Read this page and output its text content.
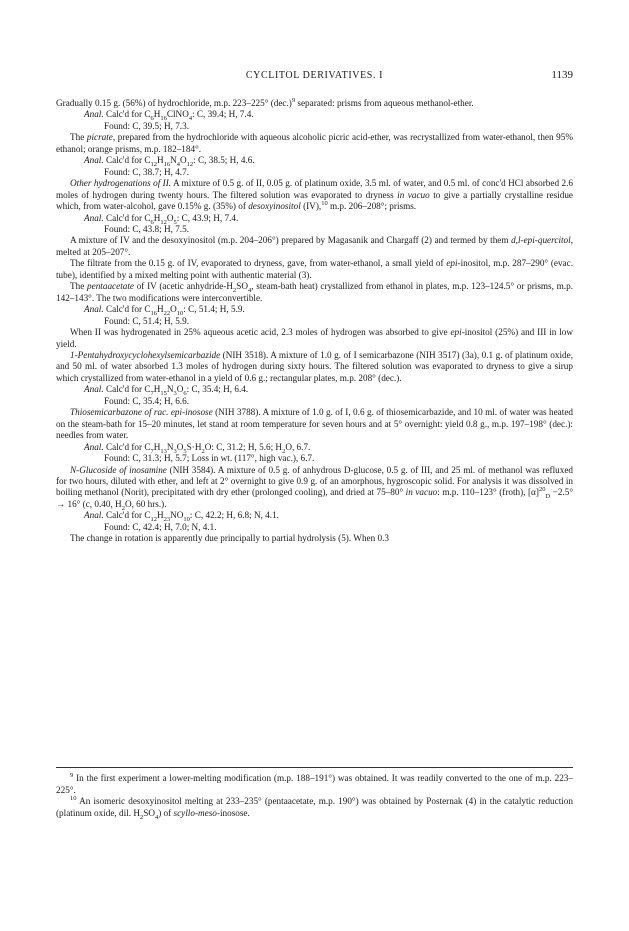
CYCLITOL DERIVATIVES. I	1139

Gradually 0.15 g. (56%) of hydrochloride, m.p. 223–225° $(dec.)^9$ separated: prisms from aqueous methanol-ether.

Anal. Calc'd for $C_6H_{16}ClNO_4$: C, 39.4; H, 7.4.

Found: C, 39.5; H, 7.3.

The picrate, prepared from the hydrochloride with aqueous alcoholic picric acid-ether, was recrystallized from water-ethanol, then 95% ethanol; orange prisms, m.p. 182–184°.

Anal. Calc'd for $C_{12}H_{16}N_4O_{12}$: C, 38.5; H, 4.6.

Found: C, 38.7; H, 4.7.

Other hydrogenations of II. A mixture of 0.5 g. of II, 0.05 g. of platinum oxide, 3.5 ml. of water, and 0.5 ml. of conc'd HCl absorbed 2.6 moles of hydrogen during twenty hours. The filtered solution was evaporated to dryness in vacuo to give a partially crystalline residue which, from water-alcohol, gave 0.15% g. (35%) of desoxyinositol (IV),$^{10}$ m.p. 206–208°; prisms.

Anal. Calc'd for $C_6H_{12}O_5$: C, 43.9; H, 7.4.

Found: C, 43.8; H, 7.5.

A mixture of IV and the desoxyinositol (m.p. 204–206°) prepared by Magasanik and Chargaff (2) and termed by them d,l-epi-quercitol, melted at 205–207°.

The filtrate from the 0.15 g. of IV, evaporated to dryness, gave, from water-ethanol, a small yield of epi-inositol, m.p. 287–290° (evac. tube), identified by a mixed melting point with authentic material (3).

The pentaacetate of IV (acetic anhydride-$H_2SO_4$, steam-bath heat) crystallized from ethanol in plates, m.p. 123–124.5° or prisms, m.p. 142–143°. The two modifications were interconvertible.

Anal. Calc'd for $C_{16}H_{22}O_{10}$: C, 51.4; H, 5.9.

Found: C, 51.4; H, 5.9.

When II was hydrogenated in 25% aqueous acetic acid, 2.3 moles of hydrogen was absorbed to give epi-inositol (25%) and III in low yield.

1-Pentahydroxycyclohexylsemicarbazide (NIH 3518). A mixture of 1.0 g. of I semicarbazone (NIH 3517) (3a), 0.1 g. of platinum oxide, and 50 ml. of water absorbed 1.3 moles of hydrogen during sixty hours. The filtered solution was evaporated to dryness to give a sirup which crystallized from water-ethanol in a yield of 0.6 g.; rectangular plates, m.p. 208° (dec.).

Anal. Calc'd for $C_7H_{15}N_3O_6$: C, 35.4; H, 6.4.

Found: C, 35.4; H, 6.6.

Thiosemicarbazone of rac. epi-inosose (NIH 3788). A mixture of 1.0 g. of I, 0.6 g. of thiosemicarbazide, and 10 ml. of water was heated on the steam-bath for 15–20 minutes, let stand at room temperature for seven hours and at 5° overnight: yield 0.8 g., m.p. 197–198° (dec.): needles from water.

Anal. Calc'd for $C_7H_{13}N_3O_5S\cdot H_2O$: C, 31.2; H, 5.6; $H_2O$, 6.7.

Found: C, 31.3; H, 5.7; Loss in wt. (117°, high vac.), 6.7.

N-Glucoside of inosamine (NIH 3584). A mixture of 0.5 g. of anhydrous D-glucose, 0.5 g. of III, and 25 ml. of methanol was refluxed for two hours, diluted with ether, and left at 2° overnight to give 0.9 g. of an amorphous, hygroscopic solid. For analysis it was dissolved in boiling methanol (Norit), precipitated with dry ether (prolonged cooling), and dried at 75–80° in vacuo: m.p. 110–123° (froth), $[\alpha]^{20}_D -2.5^\circ \to 16^\circ$ (c, 0.40, $H_2O$, 60 hrs.).

Anal. Calc'd for $C_{12}H_{23}NO_{10}$: C, 42.2; H, 6.8; N, 4.1.

Found: C, 42.4; H, 7.0; N, 4.1.

The change in rotation is apparently due principally to partial hydrolysis (5). When 0.3

$^9$ In the first experiment a lower-melting modification (m.p. 188–191°) was obtained. It was readily converted to the one of m.p. 223–225°.

$^{10}$ An isomeric desoxyinositol melting at 233–235° (pentaacetate, m.p. 190°) was obtained by Posternak (4) in the catalytic reduction (platinum oxide, dil. $H_2SO_4$) of scyllo-meso-inosose.
